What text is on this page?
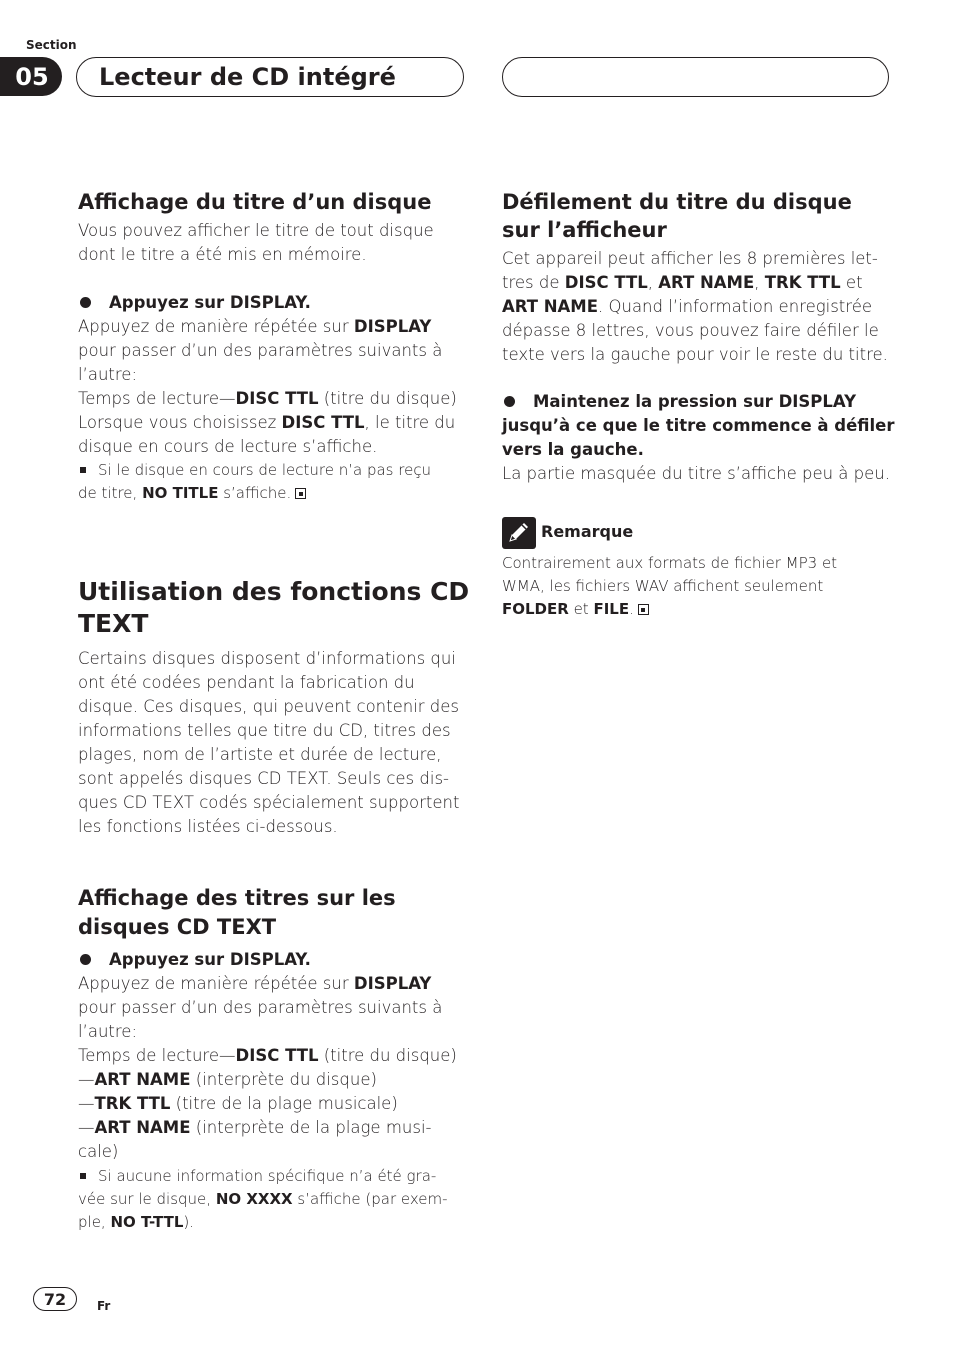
Section
05	Lecteur de CD intégré
Affichage du titre d’un disque

Vous pouvez afficher le titre de tout disque

dont le titre a été mis en mémoire.

Appuyez sur DISPLAY.

Appuyez de manière répétée sur DISPLAY

pour passer d’un des paramètres suivants à

l’autre:

Temps de lecture—DISC TTL (titre du disque)

Lorsque vous choisissez DISC TTL, le titre du

disque en cours de lecture s’affiche.

Si le disque en cours de lecture n’a pas reçu

de titre, NO TITLE s’affiche.

Utilisation des fonctions CD
TEXT

Certains disques disposent d’informations qui

ont été codées pendant la fabrication du

disque. Ces disques, qui peuvent contenir des

informations telles que titre du CD, titres des

plages, nom de l’artiste et durée de lecture,

sont appelés disques CD TEXT. Seuls ces dis-

ques CD TEXT codés spécialement supportent

les fonctions listées ci-dessous.

Affichage des titres sur les
disques CD TEXT
Appuyez sur DISPLAY.

Appuyez de manière répétée sur DISPLAY

pour passer d’un des paramètres suivants à

l’autre:

Temps de lecture—DISC TTL (titre du disque)

—ART NAME (interprète du disque)

—TRK TTL (titre de la plage musicale)

—ART NAME (interprète de la plage musi-

cale)

Si aucune information spécifique n’a été gra-

vée sur le disque, NO XXXX s’affiche (par exem-

ple, NO T-TTL).

Défilement du titre du disque
sur l’afficheur

Cet appareil peut afficher les 8 premières let-

tres de DISC TTL, ART NAME, TRK TTL et

ART NAME. Quand l’information enregistrée

dépasse 8 lettres, vous pouvez faire défiler le

texte vers la gauche pour voir le reste du titre.

Maintenez la pression sur DISPLAY
jusqu’à ce que le titre commence à défiler
vers la gauche.

La partie masquée du titre s’affiche peu à peu.

Remarque

Contrairement aux formats de fichier MP3 et

WMA, les fichiers WAV affichent seulement

FOLDER et FILE.

72	Fr
